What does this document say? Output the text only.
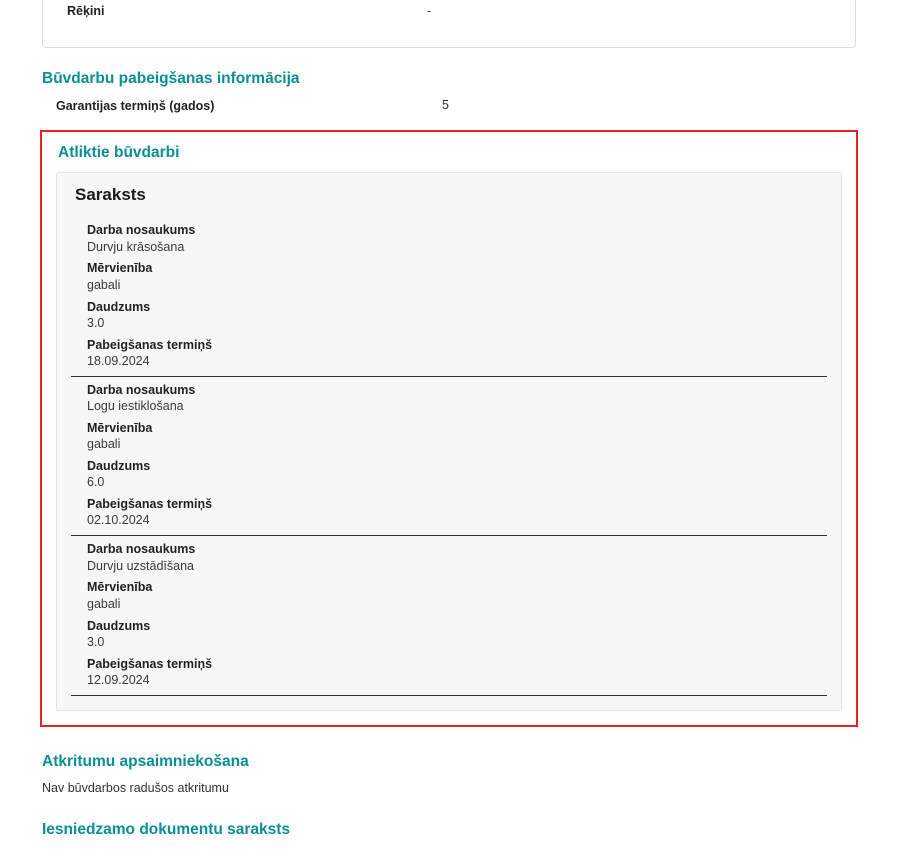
Rēķini	-
Būvdarbu pabeigšanas informācija
Garantijas termiņš (gados)	5
Atliktie būvdarbi
Saraksts
Darba nosaukums
Durvju krāsošana
Mērvienība
gabali
Daudzums
3.0
Pabeigšanas termiņš
18.09.2024
Darba nosaukums
Logu iestiklošana
Mērvienība
gabali
Daudzums
6.0
Pabeigšanas termiņš
02.10.2024
Darba nosaukums
Durvju uzstādīšana
Mērvienība
gabali
Daudzums
3.0
Pabeigšanas termiņš
12.09.2024
Atkritumu apsaimniekošana
Nav būvdarbos radušos atkritumu
Iesniedzamo dokumentu saraksts
